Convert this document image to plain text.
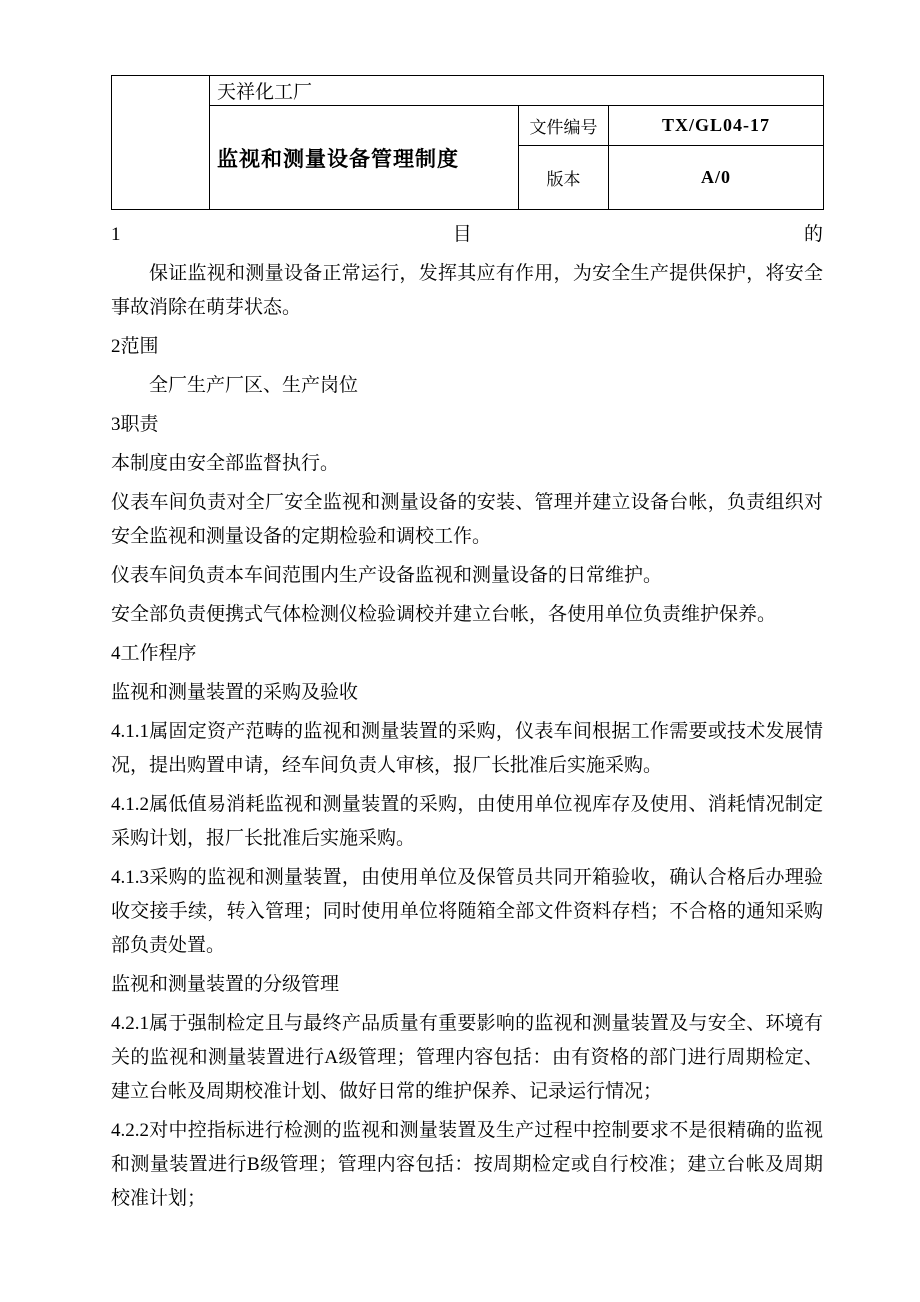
	天祥化工厂		
	监视和测量设备管理制度	文件编号	TX/GL04-17
		版本	A/0
1	目	的

保证监视和测量设备正常运行，发挥其应有作用，为安全生产提供保护，将安全事故消除在萌芽状态。

2范围

全厂生产厂区、生产岗位

3职责

本制度由安全部监督执行。

仪表车间负责对全厂安全监视和测量设备的安装、管理并建立设备台帐，负责组织对安全监视和测量设备的定期检验和调校工作。

仪表车间负责本车间范围内生产设备监视和测量设备的日常维护。

安全部负责便携式气体检测仪检验调校并建立台帐，各使用单位负责维护保养。

4工作程序

监视和测量装置的采购及验收

4.1.1属固定资产范畴的监视和测量装置的采购，仪表车间根据工作需要或技术发展情况，提出购置申请，经车间负责人审核，报厂长批准后实施采购。

4.1.2属低值易消耗监视和测量装置的采购，由使用单位视库存及使用、消耗情况制定采购计划，报厂长批准后实施采购。

4.1.3采购的监视和测量装置，由使用单位及保管员共同开箱验收，确认合格后办理验收交接手续，转入管理；同时使用单位将随箱全部文件资料存档；不合格的通知采购部负责处置。

监视和测量装置的分级管理

4.2.1属于强制检定且与最终产品质量有重要影响的监视和测量装置及与安全、环境有关的监视和测量装置进行A级管理；管理内容包括：由有资格的部门进行周期检定、建立台帐及周期校准计划、做好日常的维护保养、记录运行情况；

4.2.2对中控指标进行检测的监视和测量装置及生产过程中控制要求不是很精确的监视和测量装置进行B级管理；管理内容包括：按周期检定或自行校准；建立台帐及周期校准计划；
